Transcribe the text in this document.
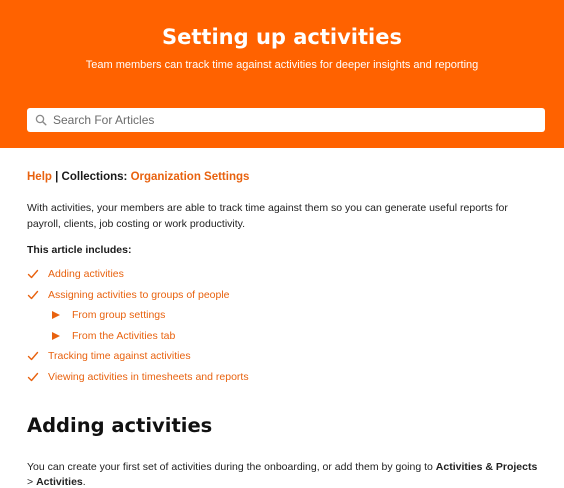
Setting up activities
Team members can track time against activities for deeper insights and reporting
Search For Articles
Help | Collections: Organization Settings

With activities, your members are able to track time against them so you can generate useful reports for payroll, clients, job costing or work productivity.

This article includes:
Adding activities
Assigning activities to groups of people
From group settings
From the Activities tab
Tracking time against activities
Viewing activities in timesheets and reports
Adding activities

You can create your first set of activities during the onboarding, or add them by going to Activities & Projects > Activities.
